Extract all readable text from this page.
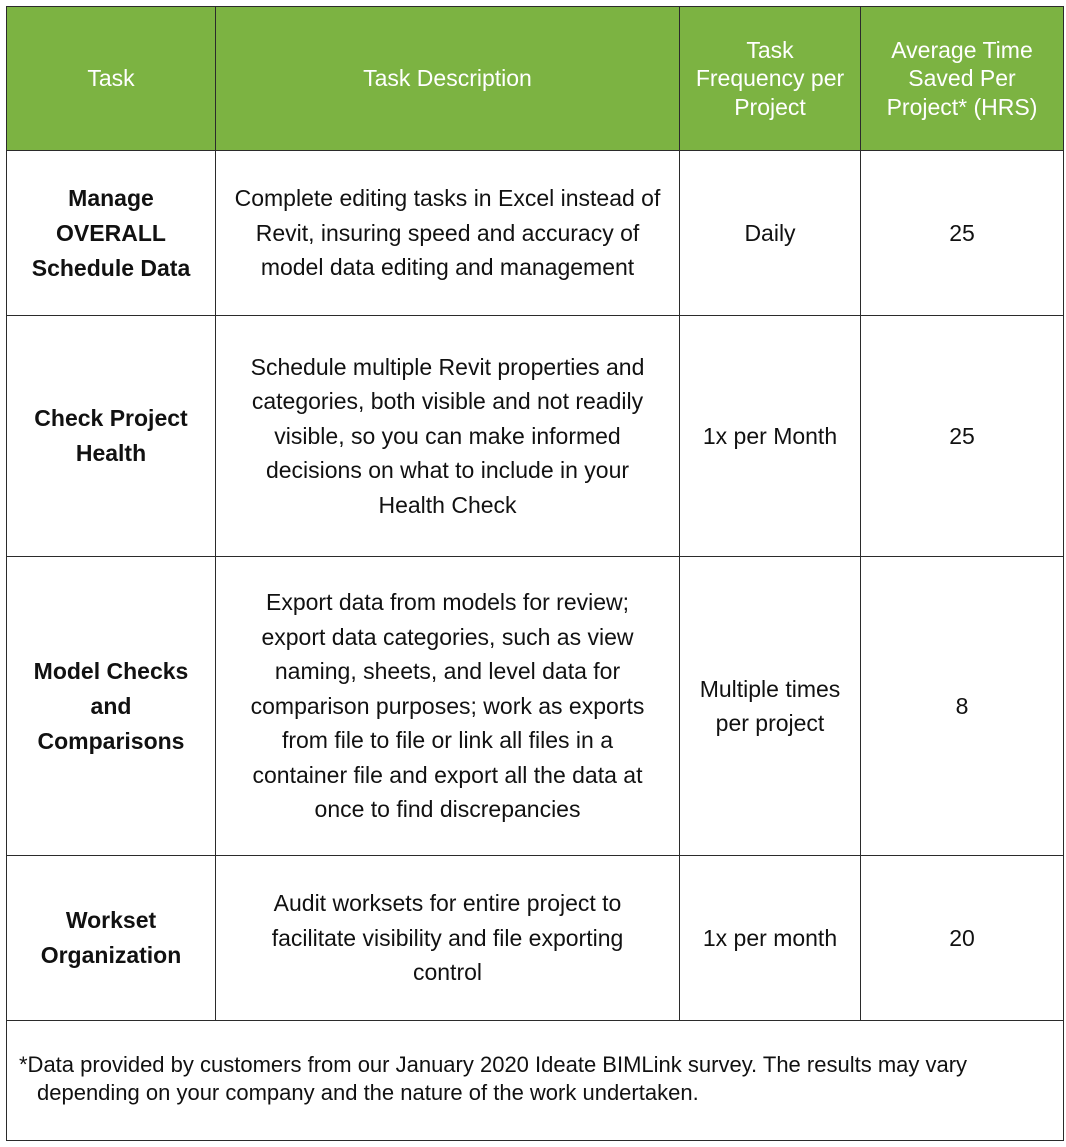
Task	Task Description	Task Frequency per Project	Average Time Saved Per Project* (HRS)

Manage OVERALL Schedule Data	Complete editing tasks in Excel instead of Revit, insuring speed and accuracy of model data editing and management	Daily	25

Check Project Health	Schedule multiple Revit properties and categories, both visible and not readily visible, so you can make informed decisions on what to include in your Health Check	1x per Month	25

Model Checks and Comparisons	Export data from models for review; export data categories, such as view naming, sheets, and level data for comparison purposes; work as exports from file to file or link all files in a container file and export all the data at once to find discrepancies	Multiple times per project	8

Workset Organization	Audit worksets for entire project to facilitate visibility and file exporting control	1x per month	20

*Data provided by customers from our January 2020 Ideate BIMLink survey. The results may vary depending on your company and the nature of the work undertaken.			
